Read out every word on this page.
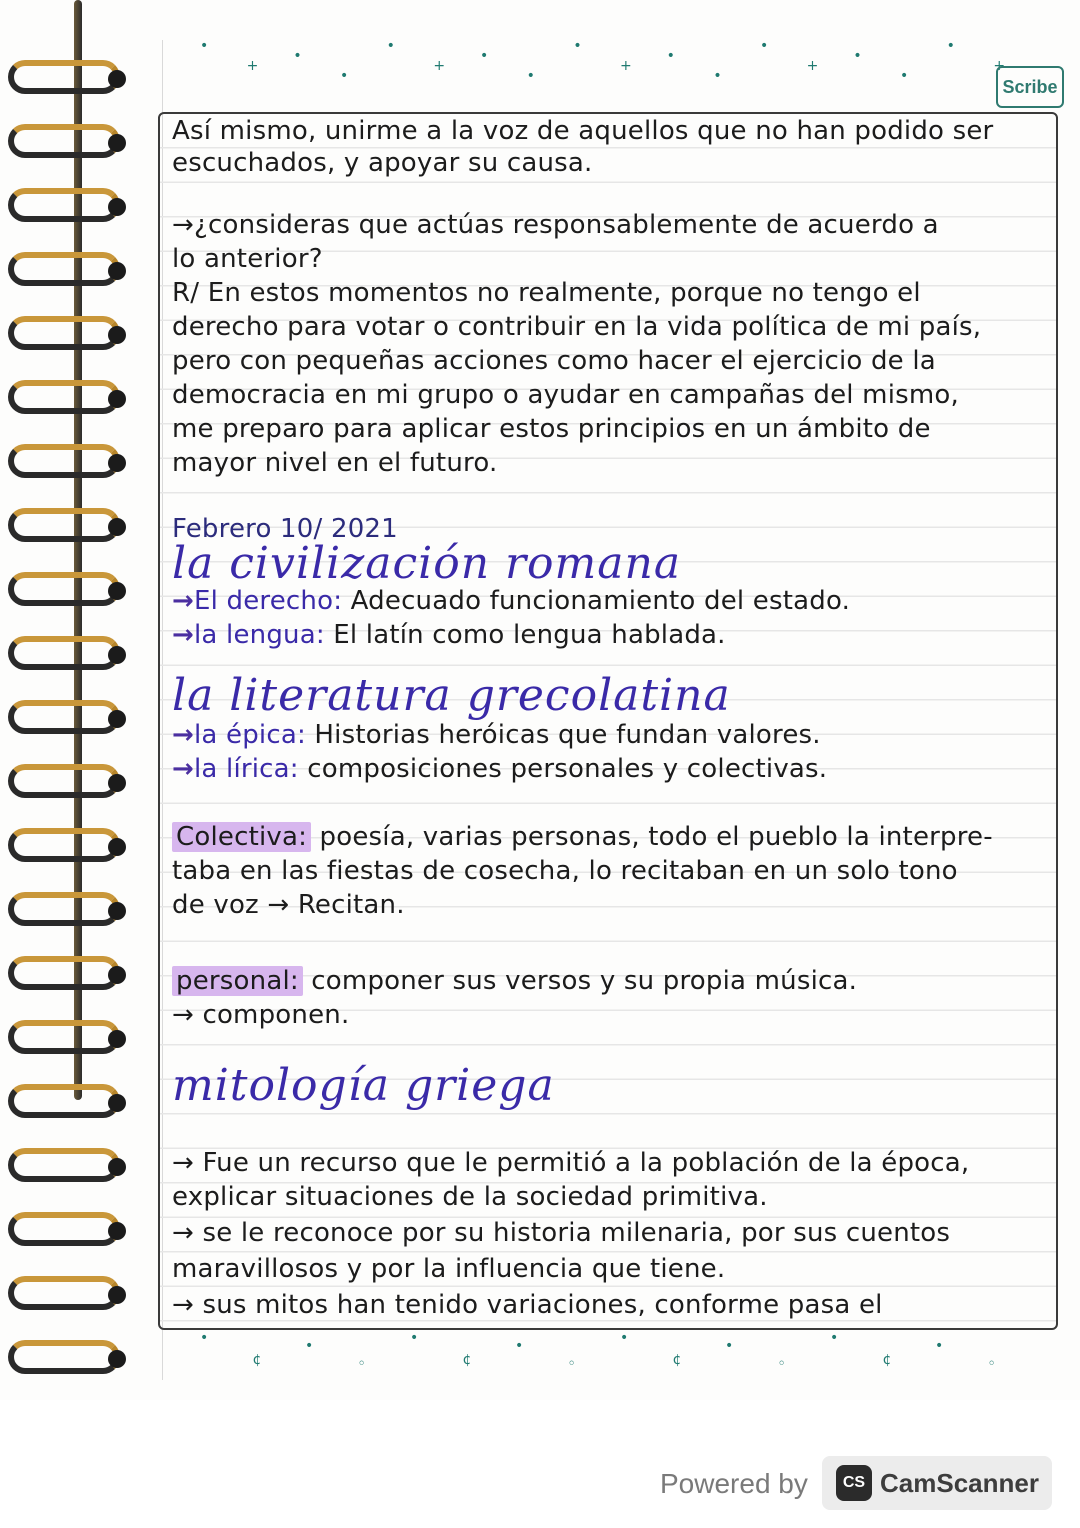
•
+
•
•
•
+
•
•
•
+
•
•
•
+
•
•
•
+
Scribe
Así mismo, unirme a la voz de aquellos que no han podido ser
escuchados, y apoyar su causa.
→¿consideras que actúas responsablemente de acuerdo a
lo anterior?
R/ En estos momentos no realmente, porque no tengo el
derecho para votar o contribuir en la vida política de mi país,
pero con pequeñas acciones como hacer el ejercicio de la
democracia en mi grupo o ayudar en campañas del mismo,
me preparo para aplicar estos principios en un ámbito de
mayor nivel en el futuro.
Febrero 10/ 2021
la civilización romana
→El derecho: Adecuado funcionamiento del estado.
→la lengua: El latín como lengua hablada.
la literatura grecolatina
→la épica: Historias heróicas que fundan valores.
→la lírica: composiciones personales y colectivas.
Colectiva: poesía, varias personas, todo el pueblo la interpre-
taba en las fiestas de cosecha, lo recitaban en un solo tono
de voz → Recitan.
personal: componer sus versos y su propia música.
→ componen.
mitología griega
→ Fue un recurso que le permitió a la población de la época,
explicar situaciones de la sociedad primitiva.
→ se le reconoce por su historia milenaria, por sus cuentos
maravillosos y por la influencia que tiene.
→ sus mitos han tenido variaciones, conforme pasa el
•
¢
•
◦
•
¢
•
◦
•
¢
•
◦
•
¢
•
◦
Powered by	CS CamScanner
